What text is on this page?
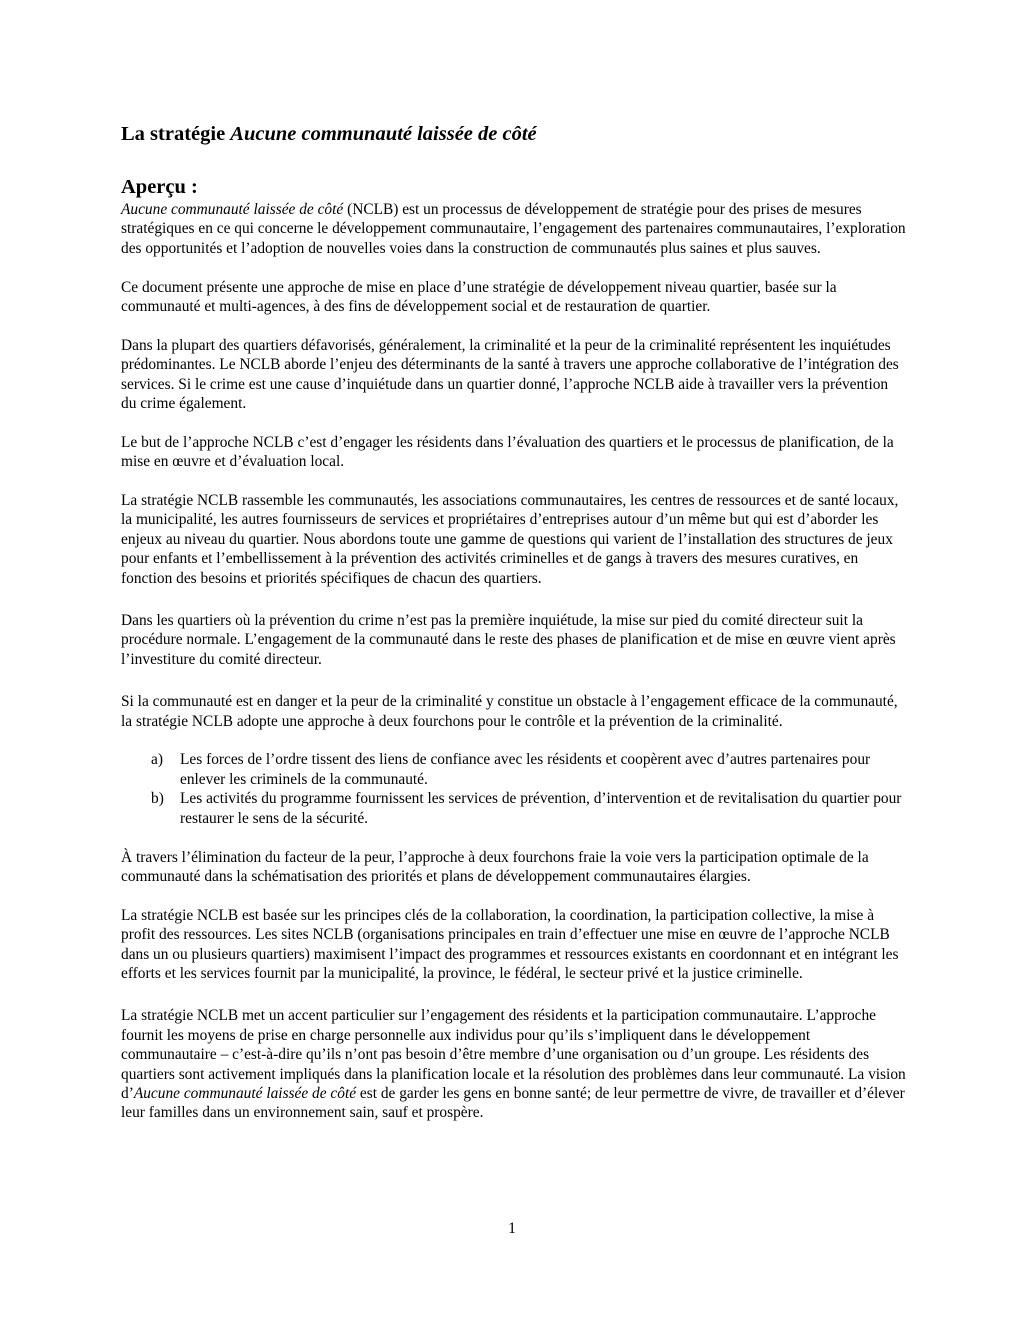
La stratégie Aucune communauté laissée de côté
Aperçu :

Aucune communauté laissée de côté (NCLB) est un processus de développement de stratégie pour des prises de mesures stratégiques en ce qui concerne le développement communautaire, l’engagement des partenaires communautaires, l’exploration des opportunités et l’adoption de nouvelles voies dans la construction de communautés plus saines et plus sauves.

Ce document présente une approche de mise en place d’une stratégie de développement niveau quartier, basée sur la communauté et multi-agences, à des fins de développement social et de restauration de quartier.

Dans la plupart des quartiers défavorisés, généralement, la criminalité et la peur de la criminalité représentent les inquiétudes prédominantes. Le NCLB aborde l’enjeu des déterminants de la santé à travers une approche collaborative de l’intégration des services. Si le crime est une cause d’inquiétude dans un quartier donné, l’approche NCLB aide à travailler vers la prévention du crime également.

Le but de l’approche NCLB c’est d’engager les résidents dans l’évaluation des quartiers et le processus de planification, de la mise en œuvre et d’évaluation local.

La stratégie NCLB rassemble les communautés, les associations communautaires, les centres de ressources et de santé locaux, la municipalité, les autres fournisseurs de services et propriétaires d’entreprises autour d’un même but qui est d’aborder les enjeux au niveau du quartier. Nous abordons toute une gamme de questions qui varient de l’installation des structures de jeux pour enfants et l’embellissement à la prévention des activités criminelles et de gangs à travers des mesures curatives, en fonction des besoins et priorités spécifiques de chacun des quartiers.

Dans les quartiers où la prévention du crime n’est pas la première inquiétude, la mise sur pied du comité directeur suit la procédure normale. L’engagement de la communauté dans le reste des phases de planification et de mise en œuvre vient après l’investiture du comité directeur.

Si la communauté est en danger et la peur de la criminalité y constitue un obstacle à l’engagement efficace de la communauté, la stratégie NCLB adopte une approche à deux fourchons pour le contrôle et la prévention de la criminalité.

a) Les forces de l’ordre tissent des liens de confiance avec les résidents et coopèrent avec d’autres partenaires pour enlever les criminels de la communauté.
b) Les activités du programme fournissent les services de prévention, d’intervention et de revitalisation du quartier pour restaurer le sens de la sécurité.

À travers l’élimination du facteur de la peur, l’approche à deux fourchons fraie la voie vers la participation optimale de la communauté dans la schématisation des priorités et plans de développement communautaires élargies.

La stratégie NCLB est basée sur les principes clés de la collaboration, la coordination, la participation collective, la mise à profit des ressources. Les sites NCLB (organisations principales en train d’effectuer une mise en œuvre de l’approche NCLB dans un ou plusieurs quartiers) maximisent l’impact des programmes et ressources existants en coordonnant et en intégrant les efforts et les services fournit par la municipalité, la province, le fédéral, le secteur privé et la justice criminelle.

La stratégie NCLB met un accent particulier sur l’engagement des résidents et la participation communautaire. L’approche fournit les moyens de prise en charge personnelle aux individus pour qu’ils s’impliquent dans le développement communautaire – c’est-à-dire qu’ils n’ont pas besoin d’être membre d’une organisation ou d’un groupe. Les résidents des quartiers sont activement impliqués dans la planification locale et la résolution des problèmes dans leur communauté. La vision d’Aucune communauté laissée de côté est de garder les gens en bonne santé; de leur permettre de vivre, de travailler et d’élever leur familles dans un environnement sain, sauf et prospère.

1
